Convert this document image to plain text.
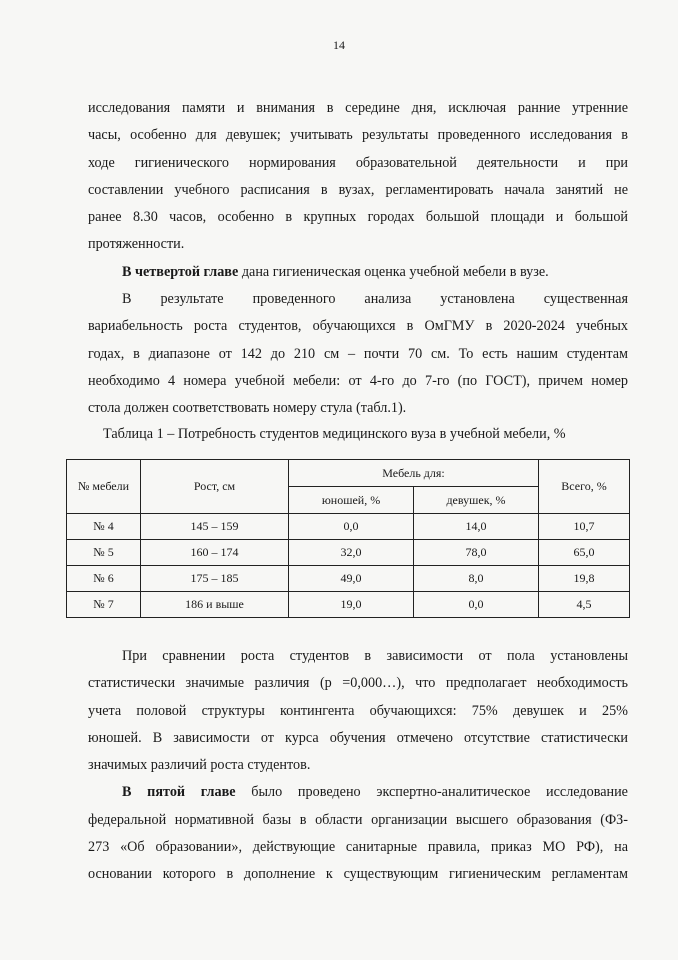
14

исследования памяти и внимания в середине дня, исключая ранние утренние

часы, особенно для девушек; учитывать результаты проведенного исследования в

ходе гигиенического нормирования образовательной деятельности и при

составлении учебного расписания в вузах, регламентировать начала занятий не

ранее 8.30 часов, особенно в крупных городах большой площади и большой

протяженности.

В четвертой главе дана гигиеническая оценка учебной мебели в вузе.

В результате проведенного анализа установлена существенная

вариабельность роста студентов, обучающихся в ОмГМУ в 2020-2024 учебных

годах, в диапазоне от 142 до 210 см – почти 70 см. То есть нашим студентам

необходимо 4 номера учебной мебели: от 4-го до 7-го (по ГОСТ), причем номер

стола должен соответствовать номеру стула (табл.1).

Таблица 1 – Потребность студентов медицинского вуза в учебной мебели, %
№ мебели	Рост, см	Мебель для:		Всего, %
		юношей, %	девушек, %	
№ 4	145 – 159	0,0	14,0	10,7
№ 5	160 – 174	32,0	78,0	65,0
№ 6	175 – 185	49,0	8,0	19,8
№ 7	186 и выше	19,0	0,0	4,5

При сравнении роста студентов в зависимости от пола установлены

статистически значимые различия (p =0,000…), что предполагает необходимость

учета половой структуры контингента обучающихся: 75% девушек и 25%

юношей. В зависимости от курса обучения отмечено отсутствие статистически

значимых различий роста студентов.

В пятой главе было проведено экспертно-аналитическое исследование

федеральной нормативной базы в области организации высшего образования (ФЗ-

273 «Об образовании», действующие санитарные правила, приказ МО РФ), на

основании которого в дополнение к существующим гигиеническим регламентам
